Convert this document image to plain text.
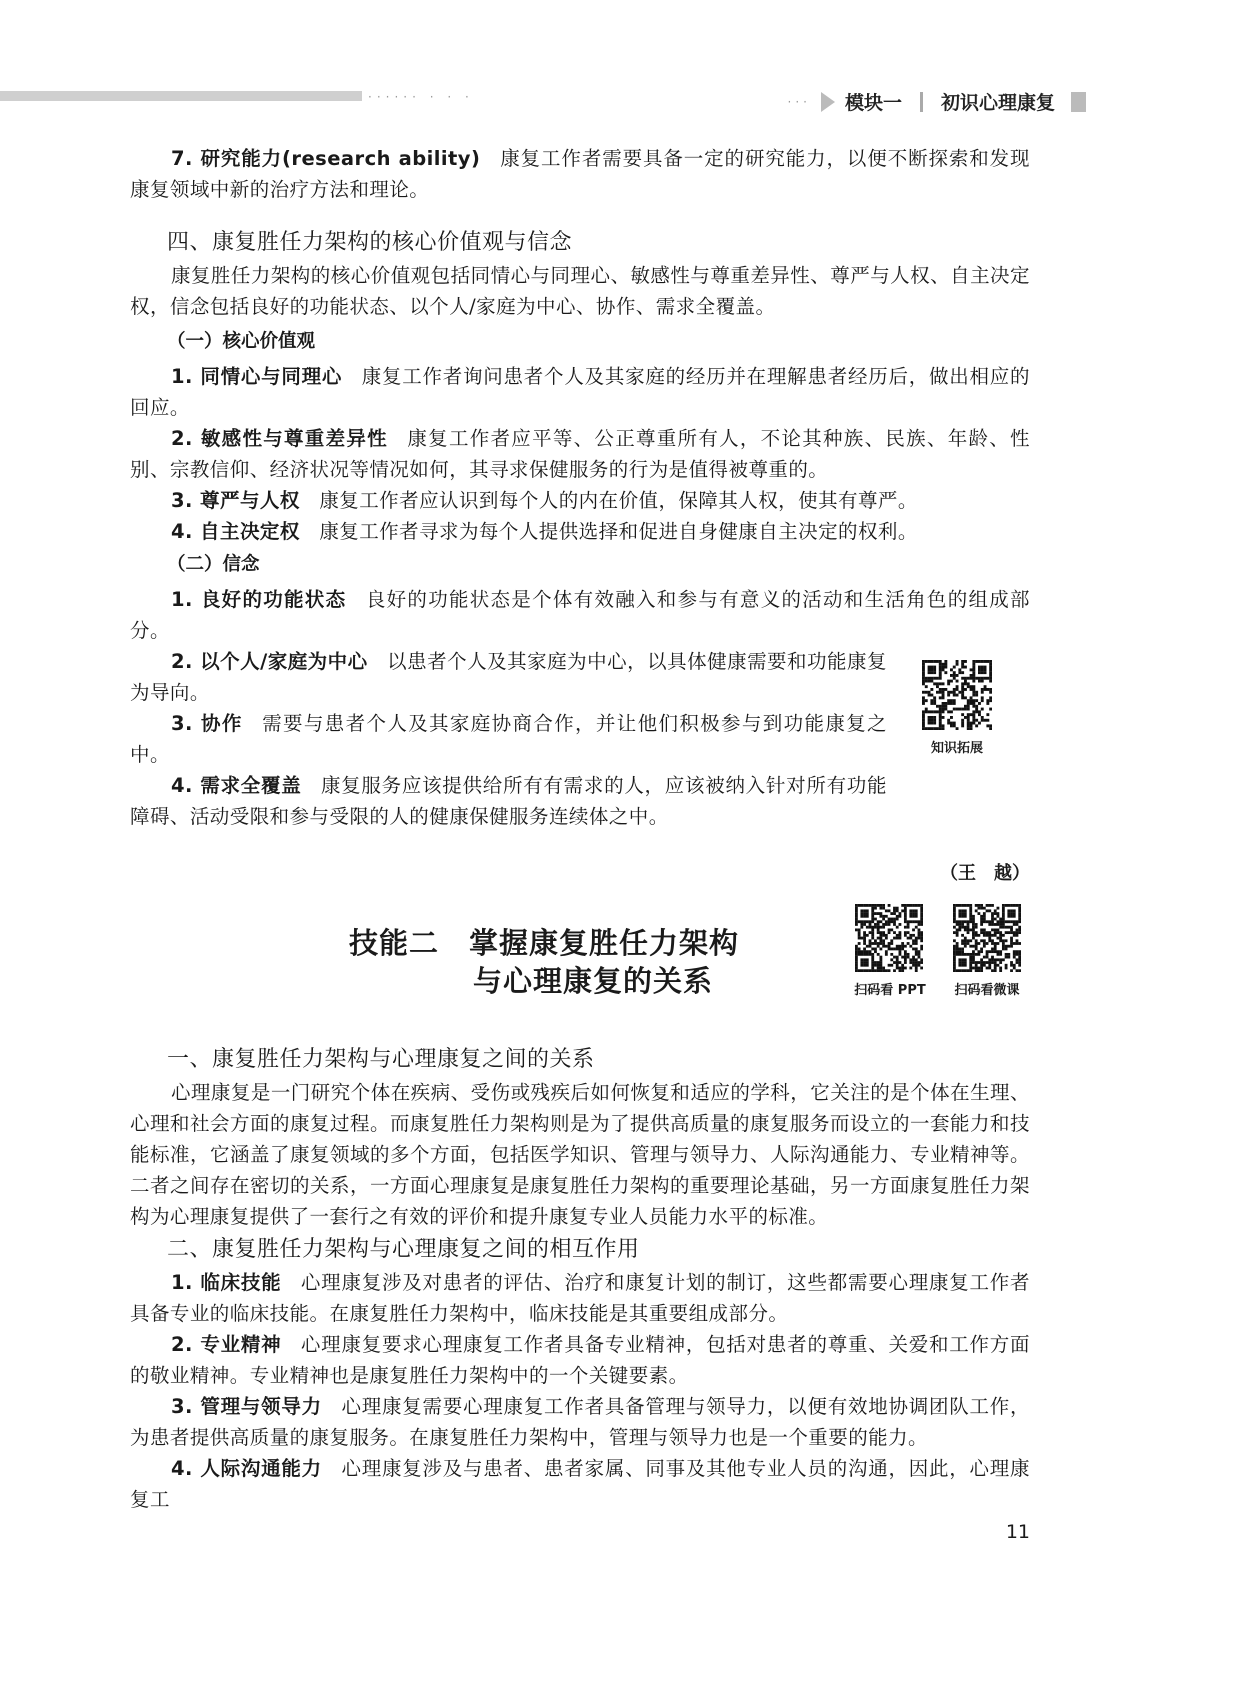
······ · · ·	··· 模块一 初识心理康复
知识拓展

7. 研究能力(research ability) 康复工作者需要具备一定的研究能力，以便不断探索和发现康复领域中新的治疗方法和理论。

四、康复胜任力架构的核心价值观与信念

康复胜任力架构的核心价值观包括同情心与同理心、敏感性与尊重差异性、尊严与人权、自主决定权，信念包括良好的功能状态、以个人/家庭为中心、协作、需求全覆盖。

（一）核心价值观

1. 同情心与同理心 康复工作者询问患者个人及其家庭的经历并在理解患者经历后，做出相应的回应。

2. 敏感性与尊重差异性 康复工作者应平等、公正尊重所有人，不论其种族、民族、年龄、性别、宗教信仰、经济状况等情况如何，其寻求保健服务的行为是值得被尊重的。

3. 尊严与人权 康复工作者应认识到每个人的内在价值，保障其人权，使其有尊严。

4. 自主决定权 康复工作者寻求为每个人提供选择和促进自身健康自主决定的权利。

（二）信念

1. 良好的功能状态 良好的功能状态是个体有效融入和参与有意义的活动和生活角色的组成部分。

2. 以个人/家庭为中心 以患者个人及其家庭为中心，以具体健康需要和功能康复为导向。

3. 协作 需要与患者个人及其家庭协商合作，并让他们积极参与到功能康复之中。

4. 需求全覆盖 康复服务应该提供给所有有需求的人，应该被纳入针对所有功能障碍、活动受限和参与受限的人的健康保健服务连续体之中。

（王　越）
技能二　掌握康复胜任力架构
与心理康复的关系	扫码看 PPT	扫码看微课
一、康复胜任力架构与心理康复之间的关系

心理康复是一门研究个体在疾病、受伤或残疾后如何恢复和适应的学科，它关注的是个体在生理、心理和社会方面的康复过程。而康复胜任力架构则是为了提供高质量的康复服务而设立的一套能力和技能标准，它涵盖了康复领域的多个方面，包括医学知识、管理与领导力、人际沟通能力、专业精神等。二者之间存在密切的关系，一方面心理康复是康复胜任力架构的重要理论基础，另一方面康复胜任力架构为心理康复提供了一套行之有效的评价和提升康复专业人员能力水平的标准。

二、康复胜任力架构与心理康复之间的相互作用

1. 临床技能 心理康复涉及对患者的评估、治疗和康复计划的制订，这些都需要心理康复工作者具备专业的临床技能。在康复胜任力架构中，临床技能是其重要组成部分。

2. 专业精神 心理康复要求心理康复工作者具备专业精神，包括对患者的尊重、关爱和工作方面的敬业精神。专业精神也是康复胜任力架构中的一个关键要素。

3. 管理与领导力 心理康复需要心理康复工作者具备管理与领导力，以便有效地协调团队工作，为患者提供高质量的康复服务。在康复胜任力架构中，管理与领导力也是一个重要的能力。

4. 人际沟通能力 心理康复涉及与患者、患者家属、同事及其他专业人员的沟通，因此，心理康复工

11
